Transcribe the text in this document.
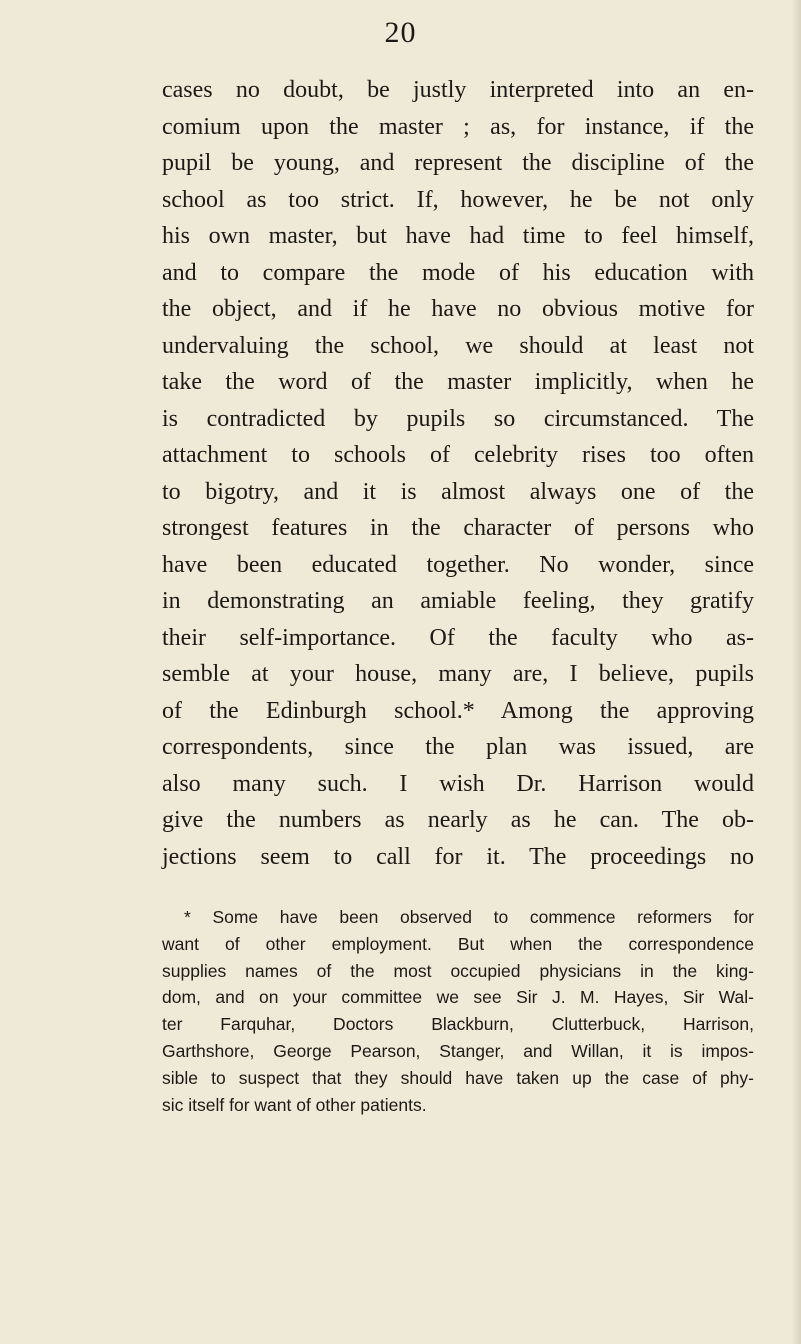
20
cases no doubt, be justly interpreted into an en-
comium upon the master ; as, for instance, if the
pupil be young, and represent the discipline of the
school as too strict. If, however, he be not only
his own master, but have had time to feel himself,
and to compare the mode of his education with
the object, and if he have no obvious motive for
undervaluing the school, we should at least not
take the word of the master implicitly, when he
is contradicted by pupils so circumstanced. The
attachment to schools of celebrity rises too often
to bigotry, and it is almost always one of the
strongest features in the character of persons who
have been educated together. No wonder, since
in demonstrating an amiable feeling, they gratify
their self-importance. Of the faculty who as-
semble at your house, many are, I believe, pupils
of the Edinburgh school.* Among the approving
correspondents, since the plan was issued, are
also many such. I wish Dr. Harrison would
give the numbers as nearly as he can. The ob-
jections seem to call for it. The proceedings no
* Some have been observed to commence reformers for
want of other employment. But when the correspondence
supplies names of the most occupied physicians in the king-
dom, and on your committee we see Sir J. M. Hayes, Sir Wal-
ter Farquhar, Doctors Blackburn, Clutterbuck, Harrison,
Garthshore, George Pearson, Stanger, and Willan, it is impos-
sible to suspect that they should have taken up the case of phy-
sic itself for want of other patients.
